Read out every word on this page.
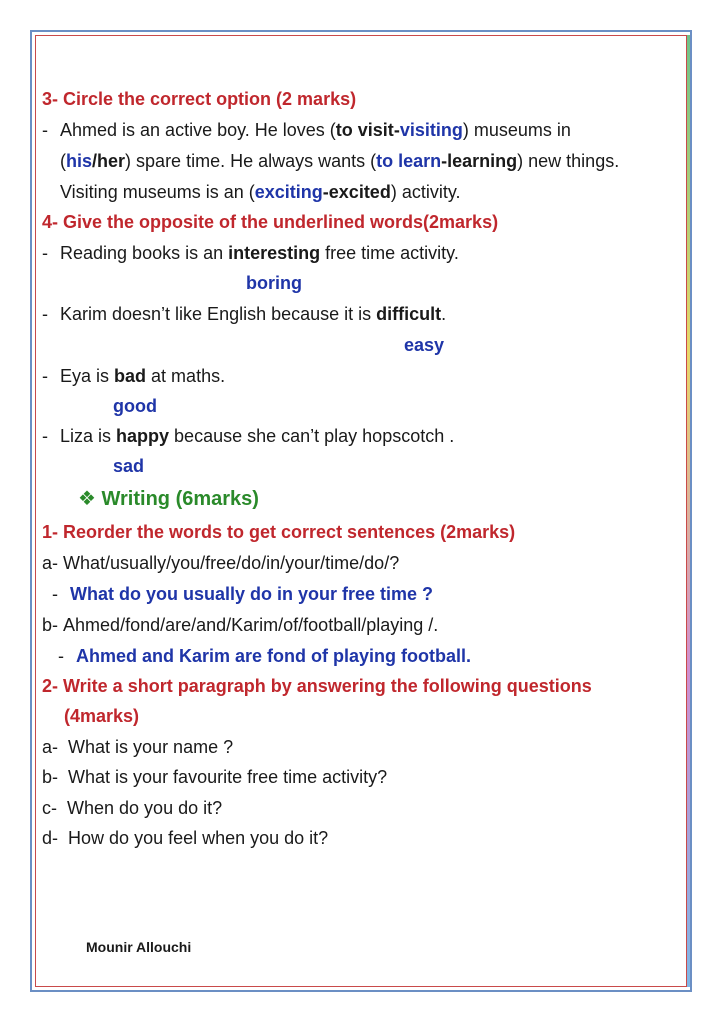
3- Circle the correct option (2 marks)
- Ahmed is an active boy. He loves (to visit-visiting) museums in
(his/her) spare time. He always wants (to learn-learning) new things.
Visiting museums is an (exciting-excited) activity.
4- Give the opposite of the underlined words(2marks)
- Reading books is an interesting free time activity.
boring
- Karim doesn’t like English because it is difficult.
easy
- Eya is bad at maths.
good
- Liza is happy because she can’t play hopscotch .
sad
❖ Writing (6marks)
1- Reorder the words to get correct sentences (2marks)
a- What/usually/you/free/do/in/your/time/do/?
- What do you usually do in your free time ?
b- Ahmed/fond/are/and/Karim/of/football/playing /.
- Ahmed and Karim are fond of playing football.
2- Write a short paragraph by answering the following questions
(4marks)
a- What is your name ?
b- What is your favourite free time activity?
c- When do you do it?
d- How do you feel when you do it?
Mounir Allouchi
